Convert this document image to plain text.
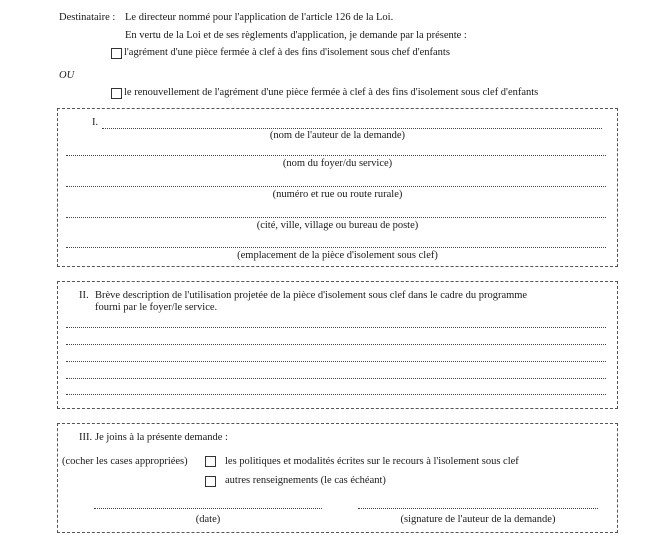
Destinataire : Le directeur nommé pour l'application de l'article 126 de la Loi.
En vertu de la Loi et de ses règlements d'application, je demande par la présente :
l'agrément d'une pièce fermée à clef à des fins d'isolement sous chef d'enfants
OU
le renouvellement de l'agrément d'une pièce fermée à clef à des fins d'isolement sous clef d'enfants
I.
(nom de l'auteur de la demande)
(nom du foyer/du service)
(numéro et rue ou route rurale)
(cité, ville, village ou bureau de poste)
(emplacement de la pièce d'isolement sous clef)
II. Brève description de l'utilisation projetée de la pièce d'isolement sous clef dans le cadre du programme
fourni par le foyer/le service.
III. Je joins à la présente demande :
(cocher les cases appropriées)	les politiques et modalités écrites sur le recours à l'isolement sous clef
autres renseignements (le cas échéant)
(date)	(signature de l'auteur de la demande)
